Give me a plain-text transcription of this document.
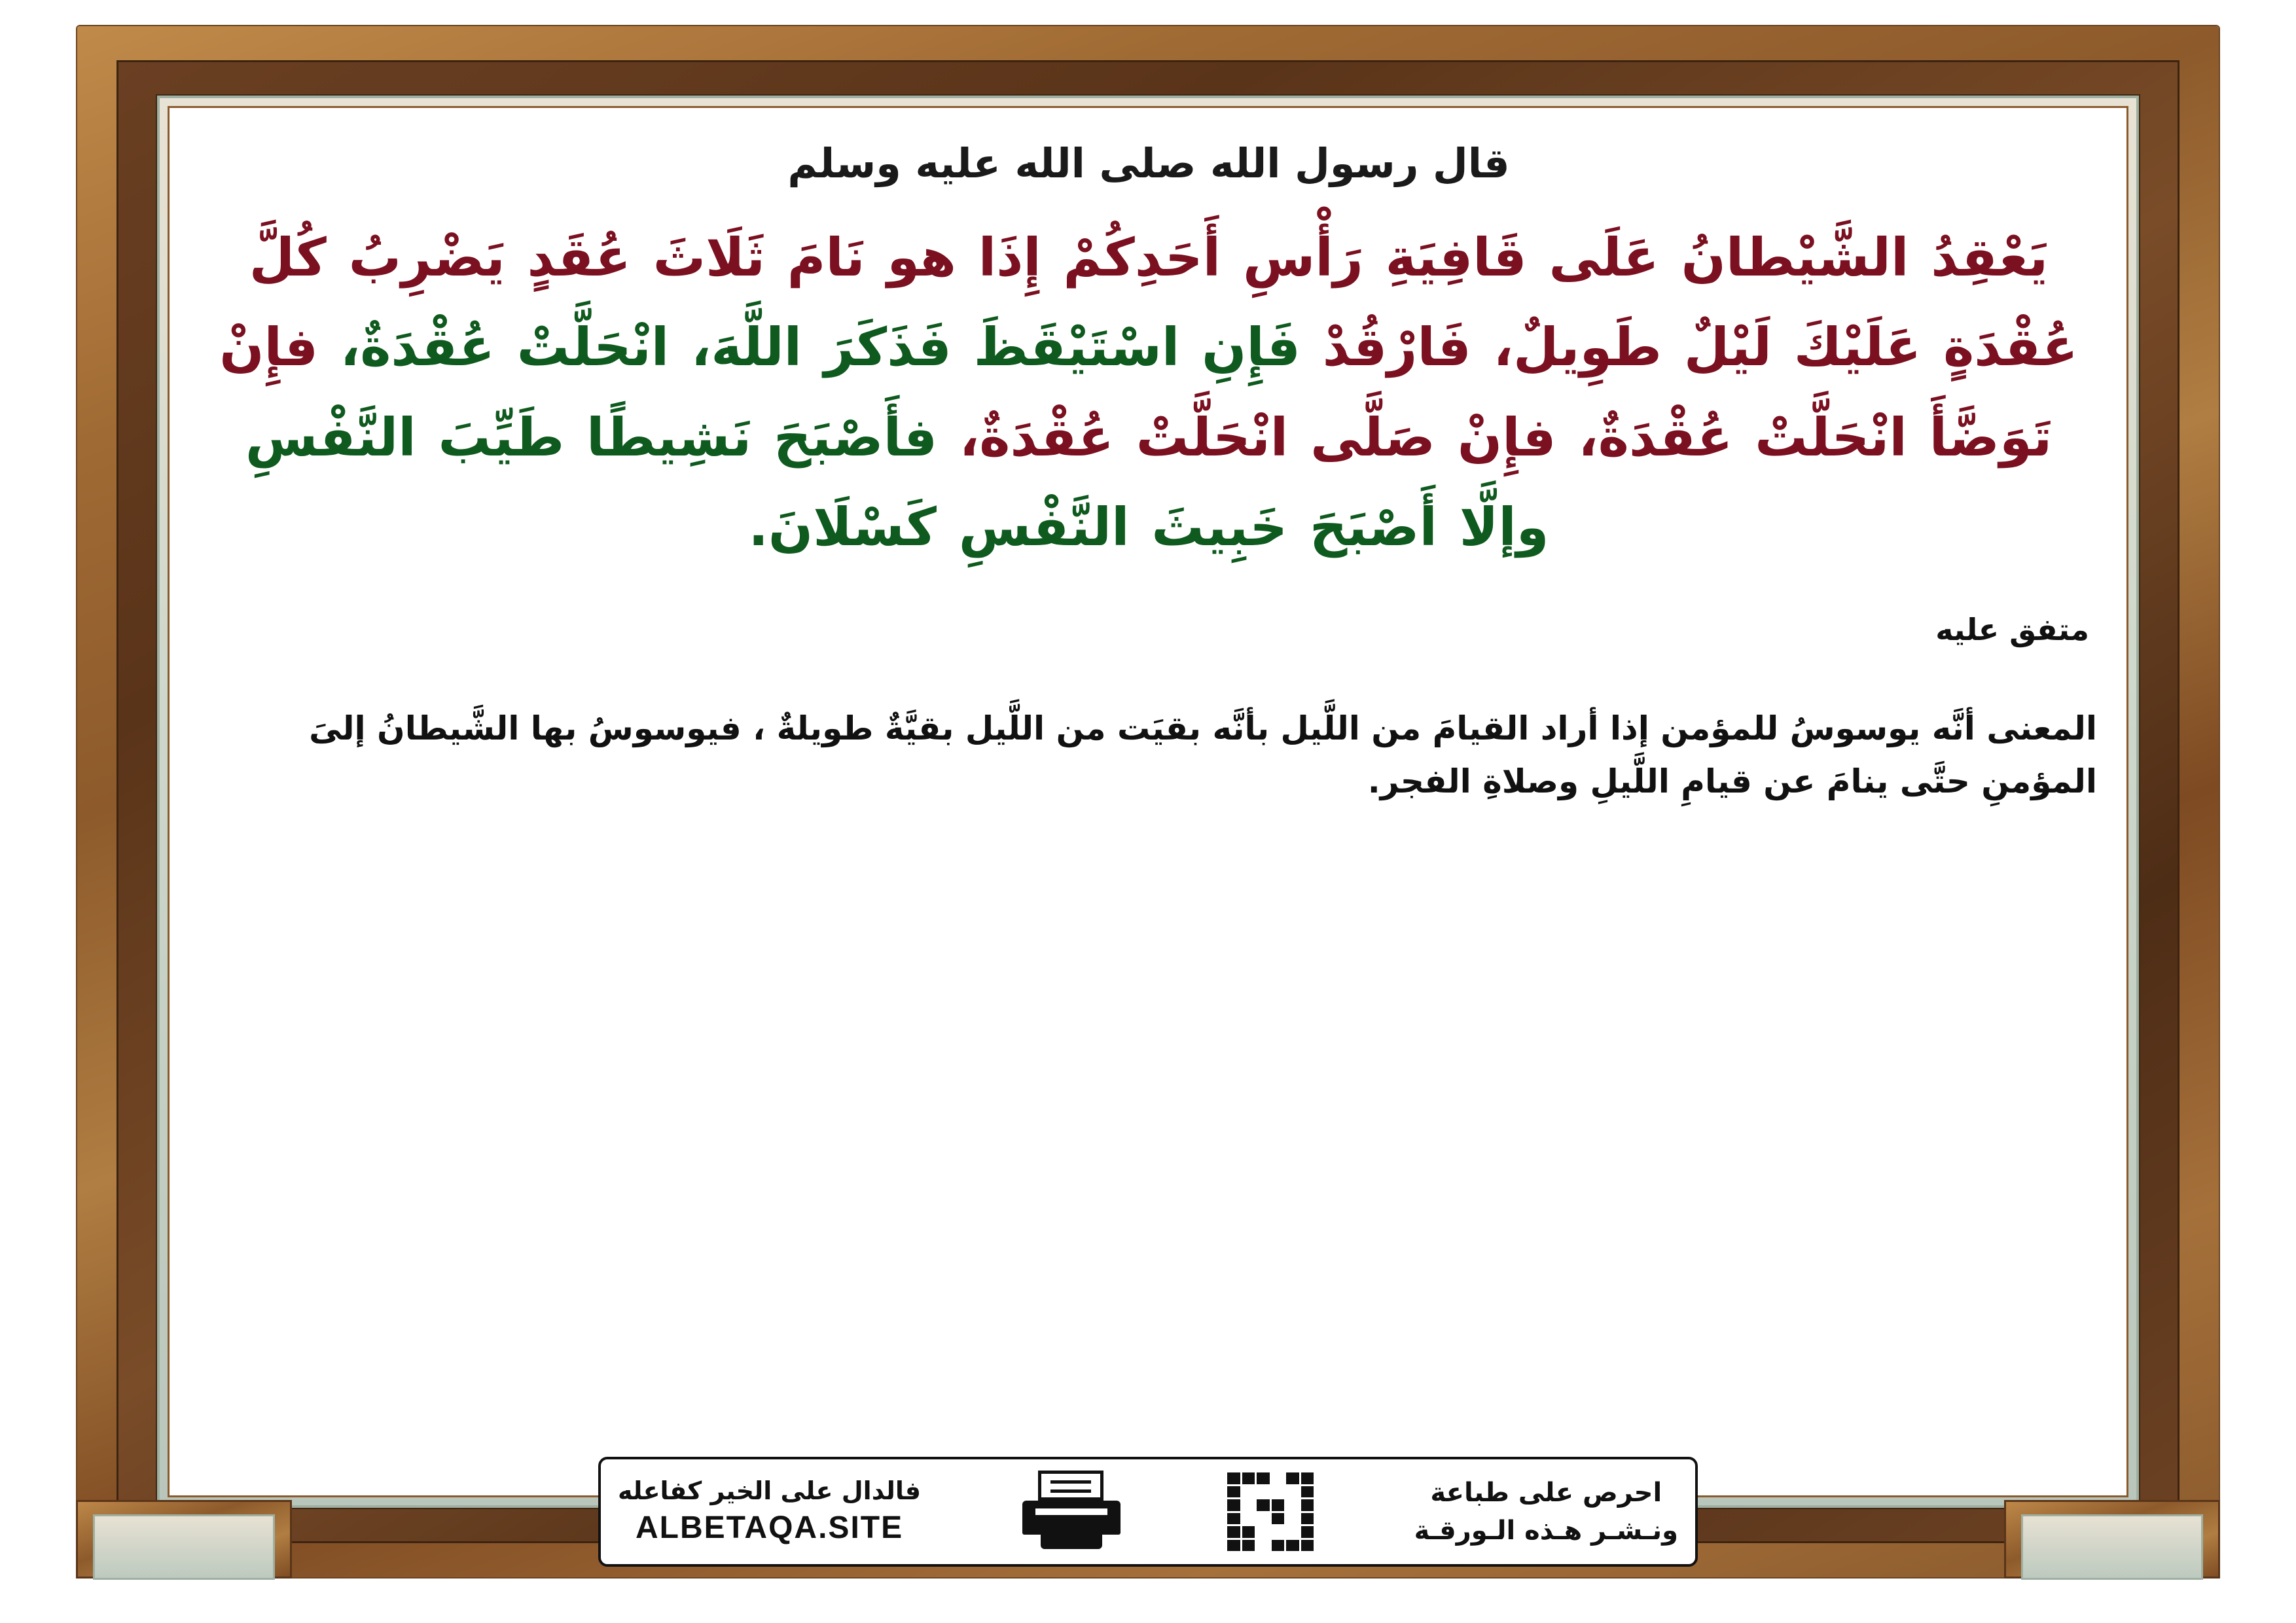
قال رسول الله صلى الله عليه وسلم

يَعْقِدُ الشَّيْطانُ عَلَى قَافِيَةِ رَأْسِ أَحَدِكُمْ إِذَا هو نَامَ ثَلَاثَ عُقَدٍ يَضْرِبُ كُلَّ عُقْدَةٍ عَلَيْكَ لَيْلٌ طَوِيلٌ، فَارْقُدْ فَإِنِ اسْتَيْقَظَ فَذَكَرَ اللَّهَ، انْحَلَّتْ عُقْدَةٌ، فإِنْ تَوَضَّأَ انْحَلَّتْ عُقْدَةٌ، فإِنْ صَلَّى انْحَلَّتْ عُقْدَةٌ، فأَصْبَحَ نَشِيطًا طَيِّبَ النَّفْسِ وإلَّا أَصْبَحَ خَبِيثَ النَّفْسِ كَسْلَانَ.
متفق عليه
المعنى أنَّه يوسوسُ للمؤمن إذا أراد القيامَ من اللَّيل بأنَّه بقيَت من اللَّيل بقيَّةٌ طويلةٌ ، فيوسوسُ بها الشَّيطانُ إلىَ المؤمنِ حتَّى ينامَ عن قيامِ اللَّيلِ وصلاةِ الفجر.
احرص على طباعة
ونـشـر هـذه الـورقـة
فالدال على الخير كفاعله
ALBETAQA.SITE
